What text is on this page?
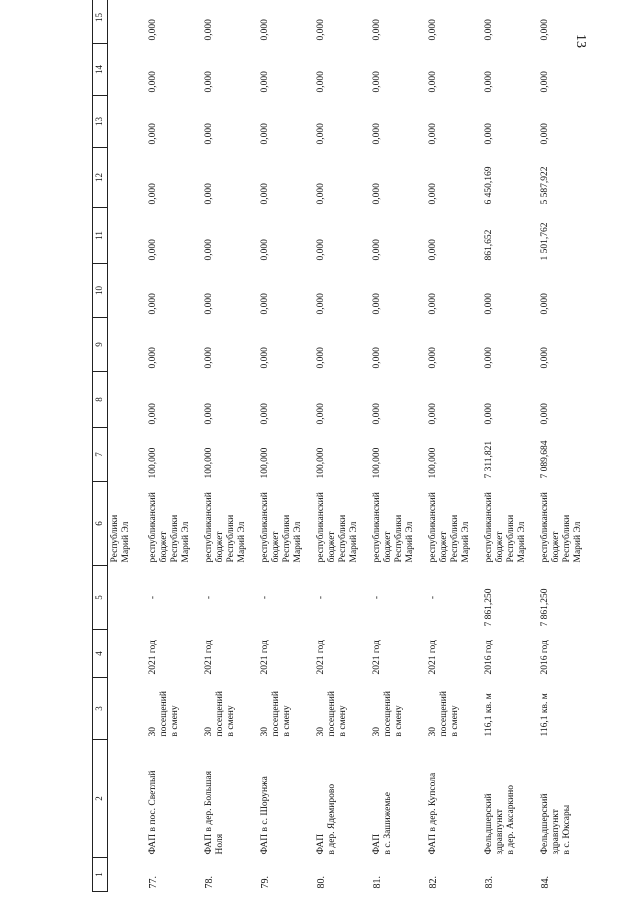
13
1	2	3	4	5	6	7	8	9	10	11	12	13	14	15
					Республики
Марий Эл									
77.	ФАП в пос. Светлый	30 посещений
в смену	2021 год	-	республиканский
бюджет
Республики
Марий Эл	100,000	0,000	0,000	0,000	0,000	0,000	0,000	0,000	0,000
78.	ФАП в дер. Большая
Ноля	30 посещений
в смену	2021 год	-	республиканский
бюджет
Республики
Марий Эл	100,000	0,000	0,000	0,000	0,000	0,000	0,000	0,000	0,000
79.	ФАП в с. Шорунжа	30 посещений
в смену	2021 год	-	республиканский
бюджет
Республики
Марий Эл	100,000	0,000	0,000	0,000	0,000	0,000	0,000	0,000	0,000
80.	ФАП
в дер. Ядемирово	30 посещений
в смену	2021 год	-	республиканский
бюджет
Республики
Марий Эл	100,000	0,000	0,000	0,000	0,000	0,000	0,000	0,000	0,000
81.	ФАП
в с. Зашижемье	30 посещений
в смену	2021 год	-	республиканский
бюджет
Республики
Марий Эл	100,000	0,000	0,000	0,000	0,000	0,000	0,000	0,000	0,000
82.	ФАП в дер. Купсола	30 посещений
в смену	2021 год	-	республиканский
бюджет
Республики
Марий Эл	100,000	0,000	0,000	0,000	0,000	0,000	0,000	0,000	0,000
83.	Фельдшерский
здравпункт
в дер. Аксаркино	116,1 кв. м	2016 год	7 861,250	республиканский
бюджет
Республики
Марий Эл	7 311,821	0,000	0,000	0,000	861,652	6 450,169	0,000	0,000	0,000
84.	Фельдшерский
здравпункт
в с. Юксары	116,1 кв. м	2016 год	7 861,250	республиканский
бюджет
Республики
Марий Эл	7 089,684	0,000	0,000	0,000	1 501,762	5 587,922	0,000	0,000	0,000
